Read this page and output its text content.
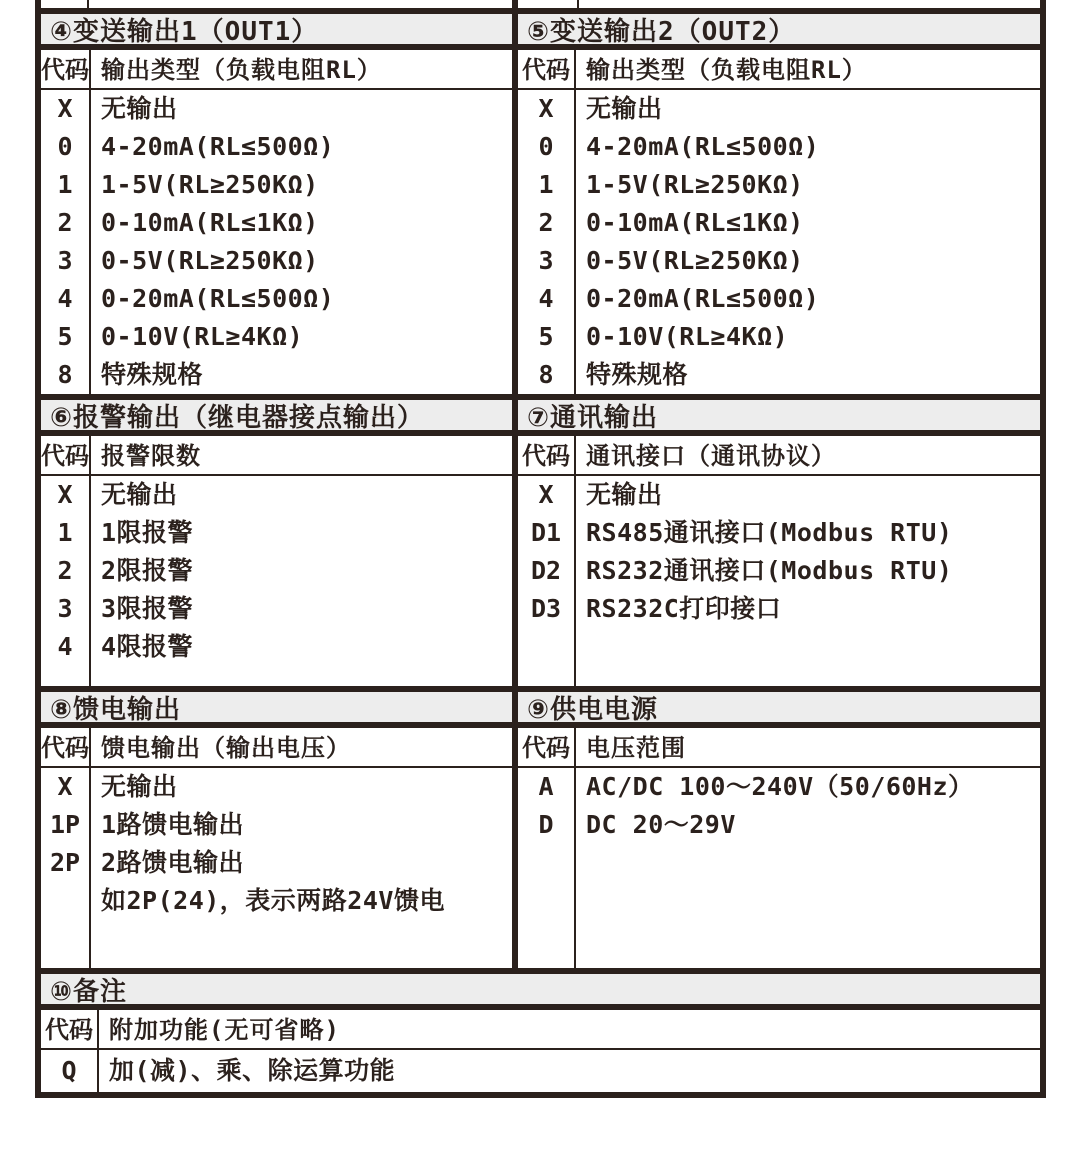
④变送输出1（OUT1）
代码 输出类型（负载电阻RL）
X
0
1
2
3
4
5
8
无输出
4-20mA(RL≤500Ω)
1-5V(RL≥250KΩ)
0-10mA(RL≤1KΩ)
0-5V(RL≥250KΩ)
0-20mA(RL≤500Ω)
0-10V(RL≥4KΩ)
特殊规格
⑤变送输出2（OUT2）
代码 输出类型（负载电阻RL）
X
0
1
2
3
4
5
8
无输出
4-20mA(RL≤500Ω)
1-5V(RL≥250KΩ)
0-10mA(RL≤1KΩ)
0-5V(RL≥250KΩ)
0-20mA(RL≤500Ω)
0-10V(RL≥4KΩ)
特殊规格
⑥报警输出（继电器接点输出）
代码 报警限数
X
1
2
3
4
无输出
1限报警
2限报警
3限报警
4限报警
⑦通讯输出
代码 通讯接口（通讯协议）
X
D1
D2
D3
无输出
RS485通讯接口(Modbus RTU)
RS232通讯接口(Modbus RTU)
RS232C打印接口
⑧馈电输出
代码 馈电输出（输出电压）
X
1P
2P
无输出
1路馈电输出
2路馈电输出
如2P(24)，表示两路24V馈电
⑨供电电源
代码 电压范围
A
D
AC/DC 100～240V（50/60Hz）
DC 20～29V
⑩备注
代码 附加功能(无可省略)
Q	加(减)、乘、除运算功能
